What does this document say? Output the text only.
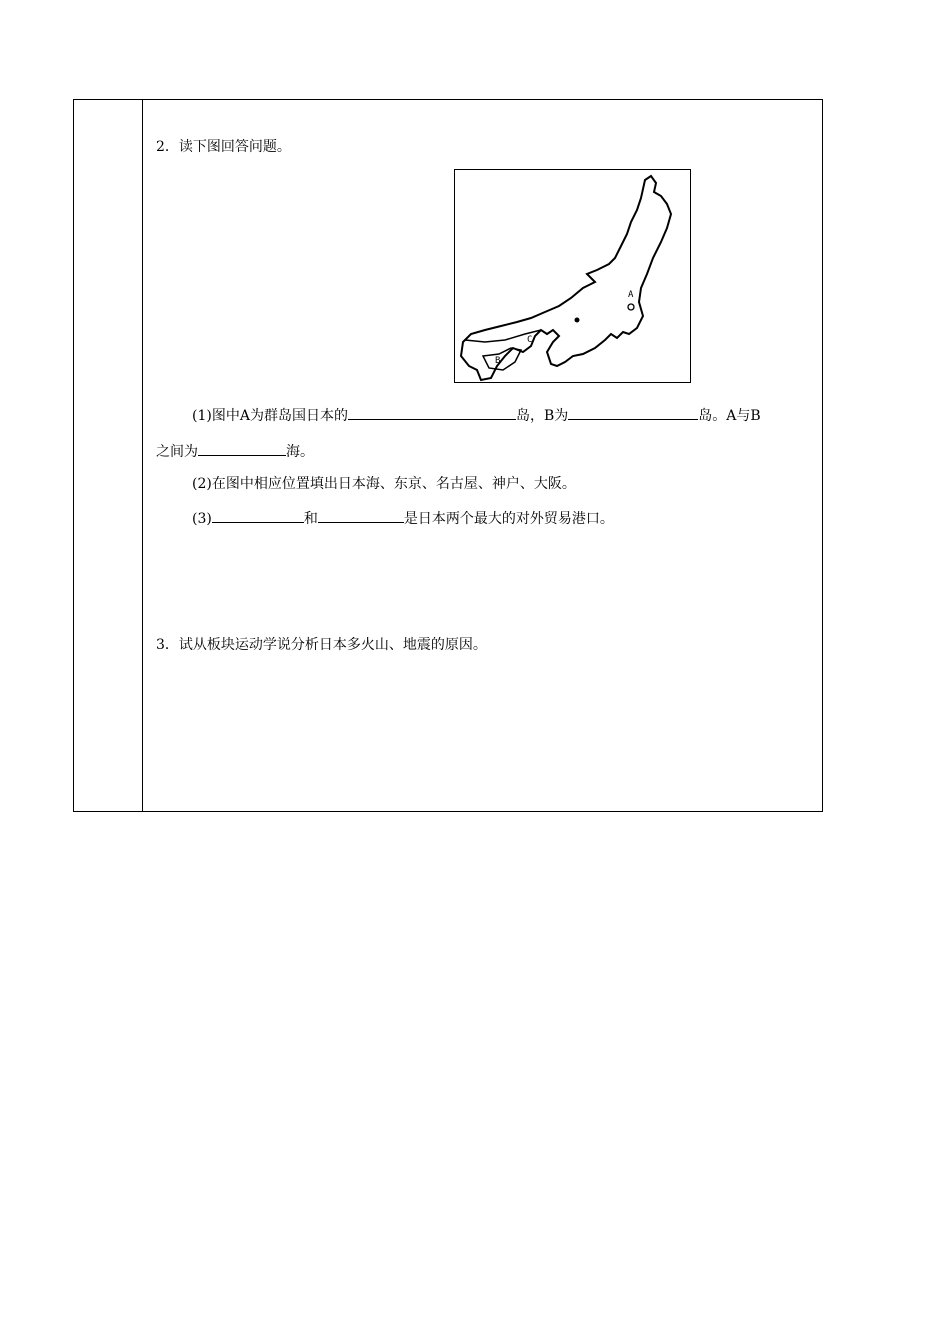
2．读下图回答问题。
A
B
C
(1)图中A为群岛国日本的	岛，B为	岛。A与B
之间为	海。
(2)在图中相应位置填出日本海、东京、名古屋、神户、大阪。
(3)	和	是日本两个最大的对外贸易港口。
3．试从板块运动学说分析日本多火山、地震的原因。
